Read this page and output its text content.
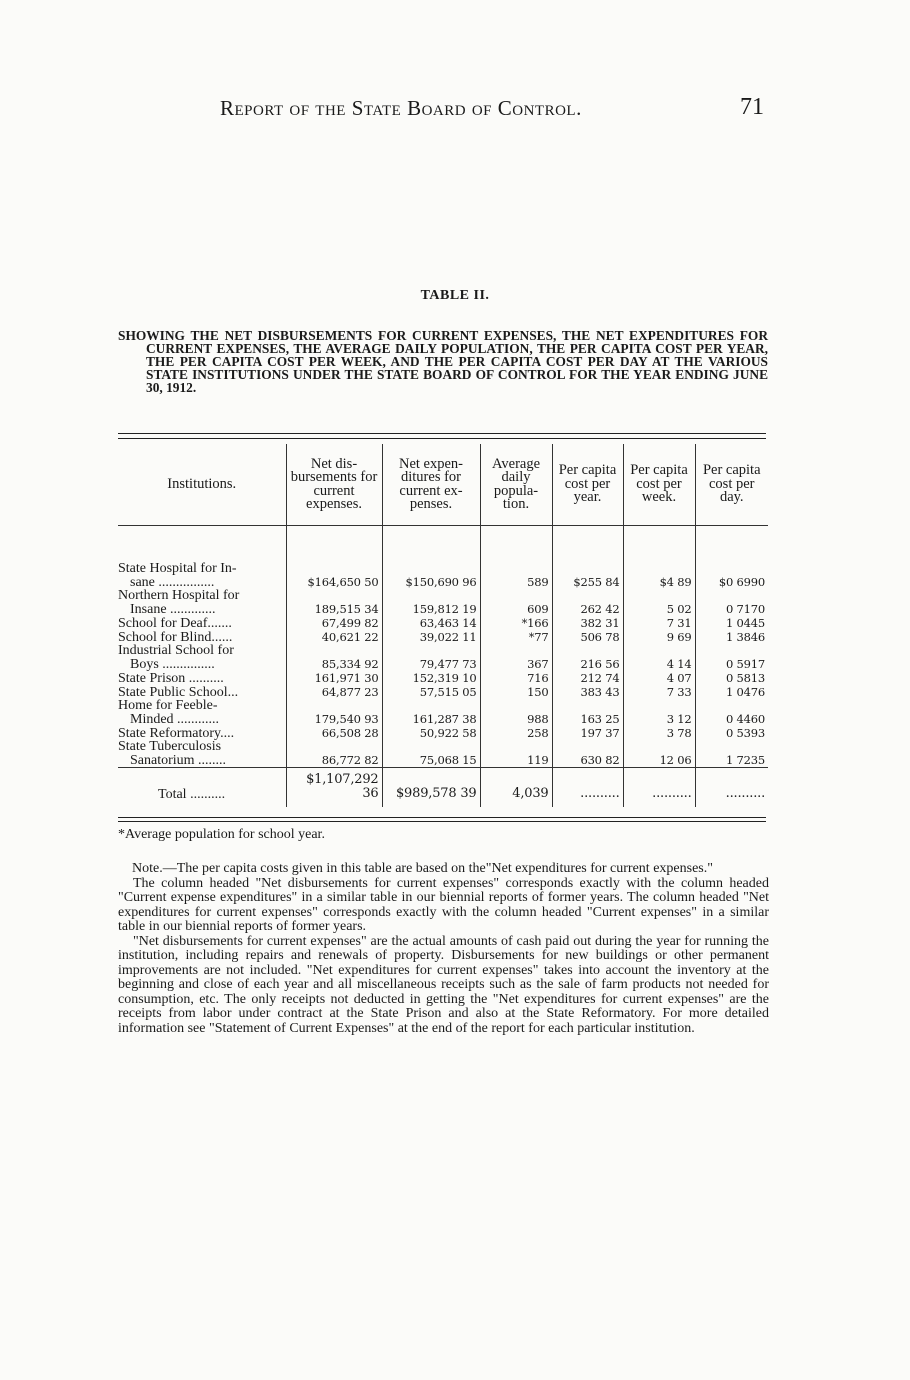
Report of the State Board of Control.	71
TABLE II.
SHOWING THE NET DISBURSEMENTS FOR CURRENT EXPENSES, THE NET EXPENDITURES FOR CURRENT EXPENSES, THE AVERAGE DAILY POPULATION, THE PER CAPITA COST PER YEAR, THE PER CAPITA COST PER WEEK, AND THE PER CAPITA COST PER DAY AT THE VARIOUS STATE INSTITUTIONS UNDER THE STATE BOARD OF CONTROL FOR THE YEAR ENDING JUNE 30, 1912.
Institutions.	Net dis-bursements for current expenses.	Net expen-ditures for current ex-penses.	Average daily popula-tion.	Per capita cost per year.	Per capita cost per week.	Per capita cost per day.

State Hospital for In-
sane ................	$164,650 50	$150,690 96	589	$255 84	$4 89	$0 6990

Northern Hospital for
Insane .............	189,515 34	159,812 19	609	262 42	5 02	0 7170

School for Deaf.......	67,499 82	63,463 14	*166	382 31	7 31	1 0445

School for Blind......	40,621 22	39,022 11	*77	506 78	9 69	1 3846

Industrial School for
Boys ...............	85,334 92	79,477 73	367	216 56	4 14	0 5917

State Prison ..........	161,971 30	152,319 10	716	212 74	4 07	0 5813

State Public School...	64,877 23	57,515 05	150	383 43	7 33	1 0476

Home for Feeble-
Minded ............	179,540 93	161,287 38	988	163 25	3 12	0 4460

State Reformatory....	66,508 28	50,922 58	258	197 37	3 78	0 5393

State Tuberculosis
Sanatorium ........	86,772 82	75,068 15	119	630 82	12 06	1 7235
Total ..........	$1,107,292 36	$989,578 39	4,039	..........	..........	..........
*Average population for school year.

Note.—The per capita costs given in this table are based on the"Net expenditures for current expenses."

The column headed "Net disbursements for current expenses" corresponds exactly with the column headed "Current expense expenditures" in a similar table in our biennial reports of former years. The column headed "Net expenditures for current expenses" corresponds exactly with the column headed "Current expenses" in a similar table in our biennial reports of former years.

"Net disbursements for current expenses" are the actual amounts of cash paid out during the year for running the institution, including repairs and renewals of property. Disbursements for new buildings or other permanent improvements are not included. "Net expenditures for current expenses" takes into account the inventory at the beginning and close of each year and all miscellaneous receipts such as the sale of farm products not needed for consumption, etc. The only receipts not deducted in getting the "Net expenditures for current expenses" are the receipts from labor under contract at the State Prison and also at the State Reformatory. For more detailed information see "Statement of Current Expenses" at the end of the report for each particular institution.
